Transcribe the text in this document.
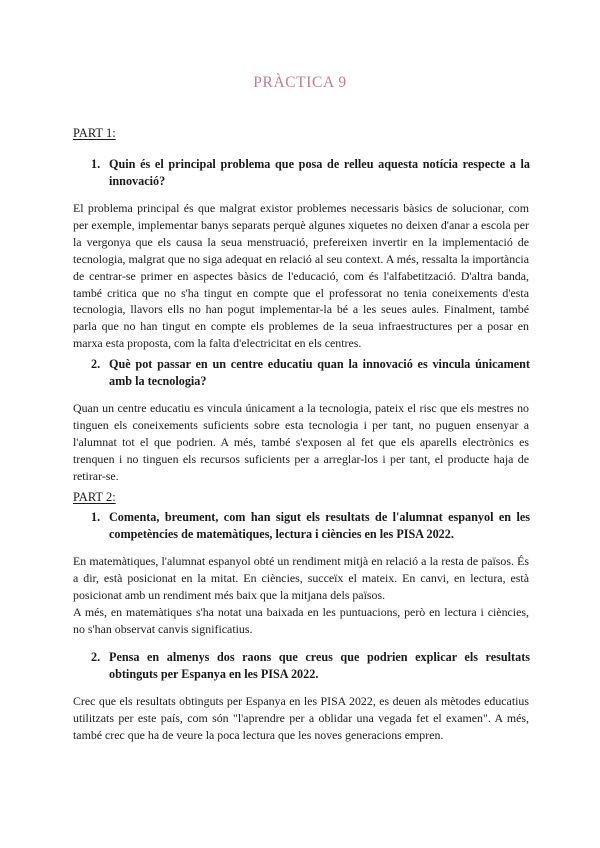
PRÀCTICA 9
PART 1:
1. Quin és el principal problema que posa de relleu aquesta notícia respecte a la innovació?

El problema principal és que malgrat existor problemes necessaris bàsics de solucionar, com per exemple, implementar banys separats perquè algunes xiquetes no deixen d'anar a escola per la vergonya que els causa la seua menstruació, prefereixen invertir en la implementació de tecnologia, malgrat que no siga adequat en relació al seu context. A més, ressalta la importància de centrar-se primer en aspectes bàsics de l'educació, com és l'alfabetització. D'altra banda, també critica que no s'ha tingut en compte que el professorat no tenia coneixements d'esta tecnologia, llavors ells no han pogut implementar-la bé a les seues aules. Finalment, també parla que no han tingut en compte els problemes de la seua infraestructures per a posar en marxa esta proposta, com la falta d'electricitat en els centres.

2. Què pot passar en un centre educatiu quan la innovació es vincula únicament amb la tecnologia?

Quan un centre educatiu es vincula únicament a la tecnologia, pateix el risc que els mestres no tinguen els coneixements suficients sobre esta tecnologia i per tant, no puguen ensenyar a l'alumnat tot el que podrien. A més, també s'exposen al fet que els aparells electrònics es trenquen i no tinguen els recursos suficients per a arreglar-los i per tant, el producte haja de retirar-se.

PART 2:
1. Comenta, breument, com han sigut els resultats de l'alumnat espanyol en les competències de matemàtiques, lectura i ciències en les PISA 2022.

En matemàtiques, l'alumnat espanyol obté un rendiment mitjà en relació a la resta de països. És a dir, està posicionat en la mitat. En ciències, succeïx el mateix. En canvi, en lectura, està posicionat amb un rendiment més baix que la mitjana dels països.

A més, en matemàtiques s'ha notat una baixada en les puntuacions, però en lectura i ciències, no s'han observat canvis significatius.

2. Pensa en almenys dos raons que creus que podrien explicar els resultats obtinguts per Espanya en les PISA 2022.

Crec que els resultats obtinguts per Espanya en les PISA 2022, es deuen als mètodes educatius utilitzats per este país, com són "l'aprendre per a oblidar una vegada fet el examen". A més, també crec que ha de veure la poca lectura que les noves generacions empren.
